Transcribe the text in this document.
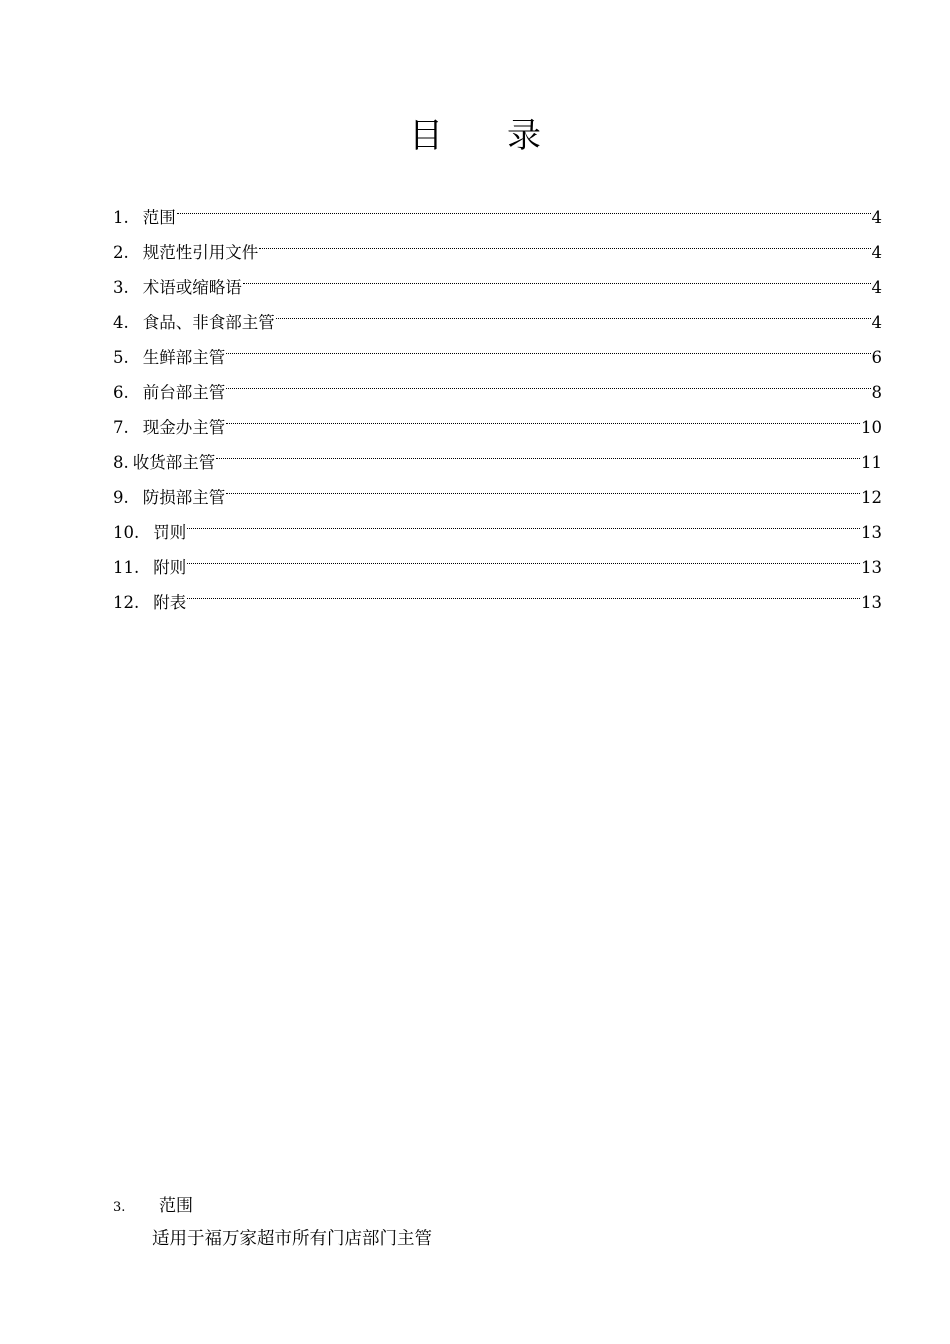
目 录
1. 范围	4
2. 规范性引用文件	4
3. 术语或缩略语	4
4. 食品、非食部主管	4
5. 生鲜部主管	6
6. 前台部主管	8
7. 现金办主管	10
8. 收货部主管	11
9. 防损部主管	12
10. 罚则	13
11. 附则	13
12. 附表	13
3. 范围
适用于福万家超市所有门店部门主管
